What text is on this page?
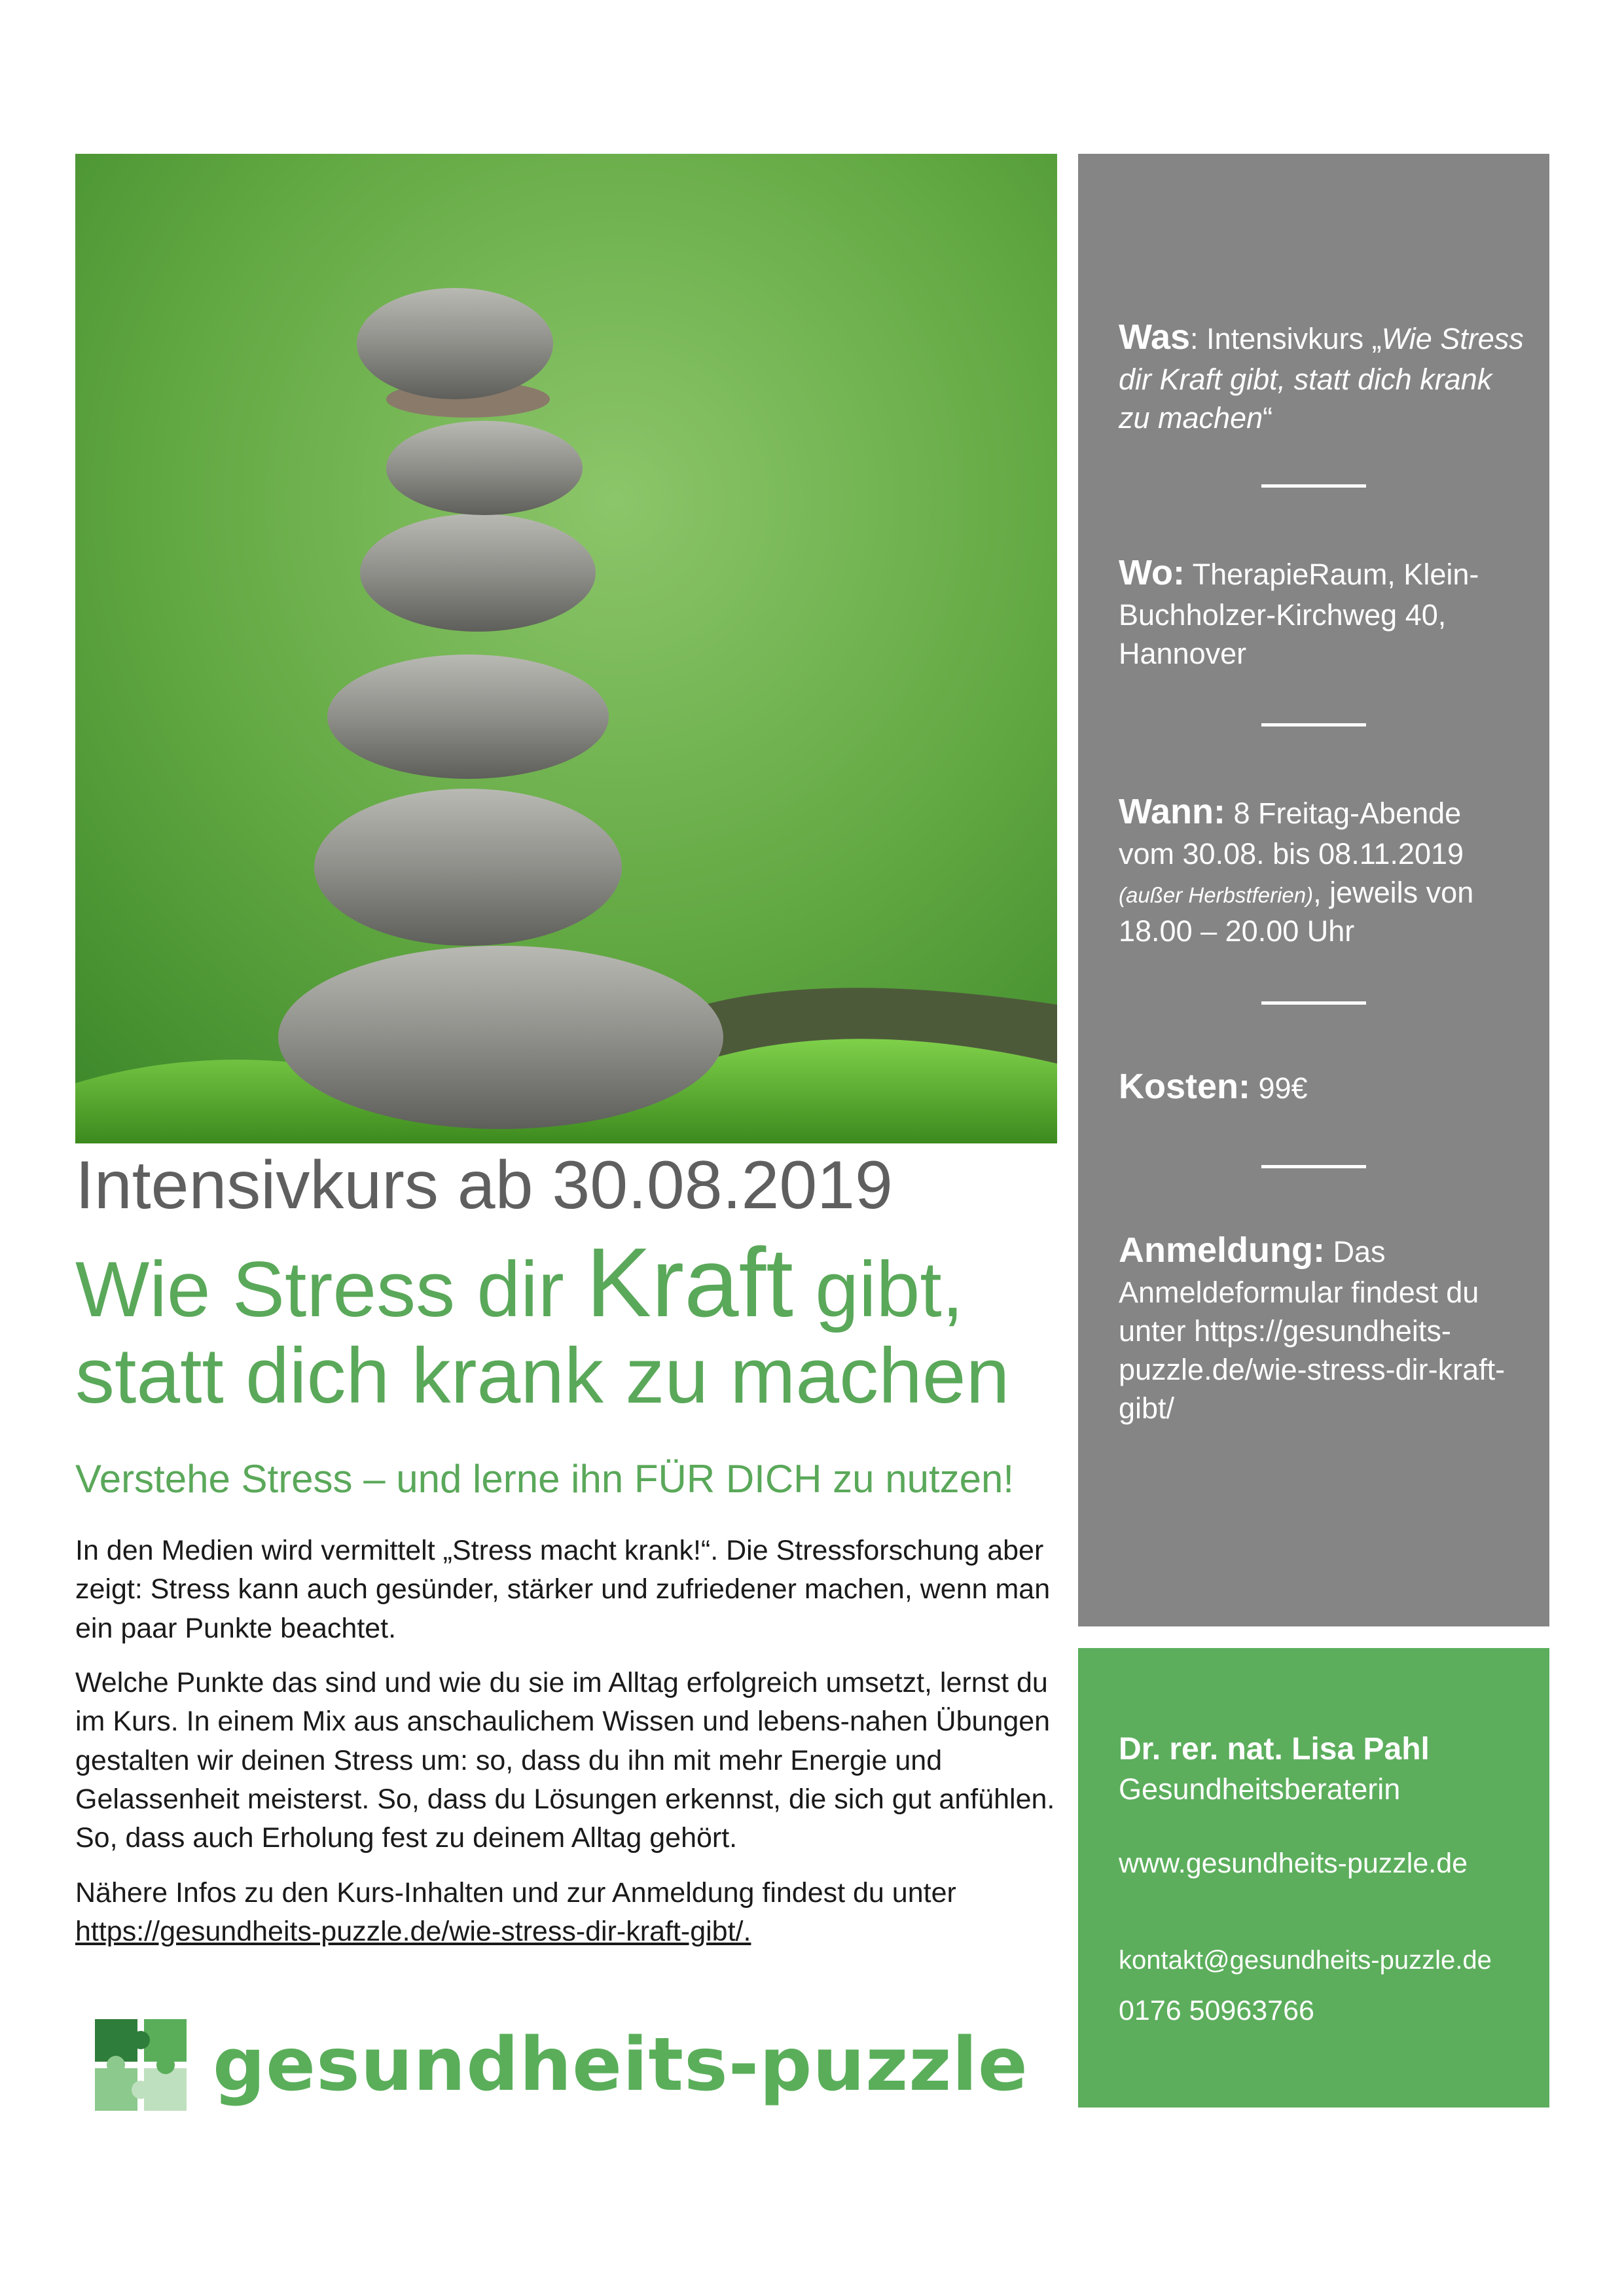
Intensivkurs ab 30.08.2019
Wie Stress dir Kraft gibt,
statt dich krank zu machen
Verstehe Stress – und lerne ihn FÜR DICH zu nutzen!

In den Medien wird vermittelt „Stress macht krank!“. Die Stressforschung aber zeigt: Stress kann auch gesünder, stärker und zufriedener machen, wenn man ein paar Punkte beachtet.

Welche Punkte das sind und wie du sie im Alltag erfolgreich umsetzt, lernst du im Kurs. In einem Mix aus anschaulichem Wissen und lebens-nahen Übungen gestalten wir deinen Stress um: so, dass du ihn mit mehr Energie und Gelassenheit meisterst. So, dass du Lösungen erkennst, die sich gut anfühlen. So, dass auch Erholung fest zu deinem Alltag gehört.

Nähere Infos zu den Kurs-Inhalten und zur Anmeldung findest du unter https://gesundheits-puzzle.de/wie-stress-dir-kraft-gibt/.

gesundheits-puzzle
Was: Intensivkurs „Wie Stress dir Kraft gibt, statt dich krank zu machen“
Wo: TherapieRaum, Klein-Buchholzer-Kirchweg 40, Hannover
Wann: 8 Freitag-Abende vom 30.08. bis 08.11.2019 (außer Herbstferien), jeweils von 18.00 – 20.00 Uhr
Kosten: 99€
Anmeldung: Das Anmeldeformular findest du unter https://gesundheits-puzzle.de/wie-stress-dir-kraft-gibt/
Dr. rer. nat. Lisa Pahl
Gesundheitsberaterin
www.gesundheits-puzzle.de
kontakt@gesundheits-puzzle.de
0176 50963766
